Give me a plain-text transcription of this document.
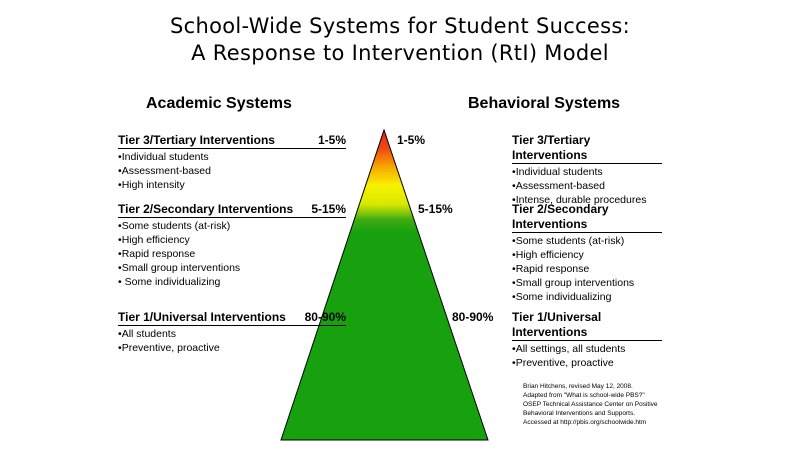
School-Wide Systems for Student Success:
A Response to Intervention (RtI) Model
Academic Systems	Behavioral Systems
Tier 3/Tertiary Interventions	1-5%
• Individual students
• Assessment-based
• High intensity
Tier 2/Secondary Interventions 5-15%
• Some students (at-risk)
• High efficiency
• Rapid response
• Small group interventions
• Some individualizing
Tier 1/Universal Interventions 80-90%
• All students
• Preventive, proactive
1-5%
5-15%
80-90%
Tier 3/Tertiary Interventions
• Individual students
• Assessment-based
• Intense, durable procedures
Tier 2/Secondary Interventions
• Some students (at-risk)
• High efficiency
• Rapid response
• Small group interventions
• Some individualizing
Tier 1/Universal Interventions
• All settings, all students
• Preventive, proactive
Brian Hitchens, revised May 12, 2008.
Adapted from "What is school-wide PBS?"
OSEP Technical Assistance Center on Positive
Behavioral Interventions and Supports.
Accessed at http://pbis.org/schoolwide.htm
